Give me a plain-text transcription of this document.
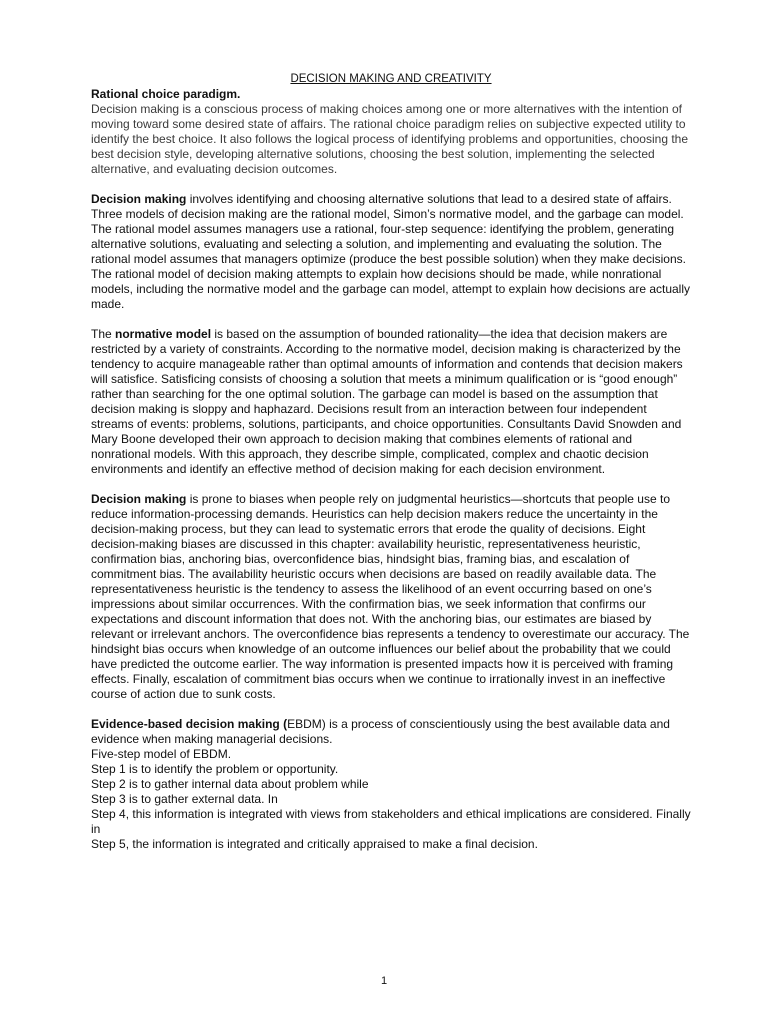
DECISION MAKING AND CREATIVITY
Rational choice paradigm.

Decision making is a conscious process of making choices among one or more alternatives with the intention of moving toward some desired state of affairs. The rational choice paradigm relies on subjective expected utility to identify the best choice. It also follows the logical process of identifying problems and opportunities, choosing the best decision style, developing alternative solutions, choosing the best solution, implementing the selected alternative, and evaluating decision outcomes.

Decision making involves identifying and choosing alternative solutions that lead to a desired state of affairs. Three models of decision making are the rational model, Simon’s normative model, and the garbage can model. The rational model assumes managers use a rational, four-step sequence: identifying the problem, generating alternative solutions, evaluating and selecting a solution, and implementing and evaluating the solution. The rational model assumes that managers optimize (produce the best possible solution) when they make decisions. The rational model of decision making attempts to explain how decisions should be made, while nonrational models, including the normative model and the garbage can model, attempt to explain how decisions are actually made.

The normative model is based on the assumption of bounded rationality—the idea that decision makers are restricted by a variety of constraints. According to the normative model, decision making is characterized by the tendency to acquire manageable rather than optimal amounts of information and contends that decision makers will satisfice. Satisficing consists of choosing a solution that meets a minimum qualification or is “good enough” rather than searching for the one optimal solution. The garbage can model is based on the assumption that decision making is sloppy and haphazard. Decisions result from an interaction between four independent streams of events: problems, solutions, participants, and choice opportunities. Consultants David Snowden and Mary Boone developed their own approach to decision making that combines elements of rational and nonrational models. With this approach, they describe simple, complicated, complex and chaotic decision environments and identify an effective method of decision making for each decision environment.

Decision making is prone to biases when people rely on judgmental heuristics—shortcuts that people use to reduce information-processing demands. Heuristics can help decision makers reduce the uncertainty in the decision-making process, but they can lead to systematic errors that erode the quality of decisions. Eight decision-making biases are discussed in this chapter: availability heuristic, representativeness heuristic, confirmation bias, anchoring bias, overconfidence bias, hindsight bias, framing bias, and escalation of commitment bias. The availability heuristic occurs when decisions are based on readily available data. The representativeness heuristic is the tendency to assess the likelihood of an event occurring based on one’s impressions about similar occurrences. With the confirmation bias, we seek information that confirms our expectations and discount information that does not. With the anchoring bias, our estimates are biased by relevant or irrelevant anchors. The overconfidence bias represents a tendency to overestimate our accuracy. The hindsight bias occurs when knowledge of an outcome influences our belief about the probability that we could have predicted the outcome earlier. The way information is presented impacts how it is perceived with framing effects. Finally, escalation of commitment bias occurs when we continue to irrationally invest in an ineffective course of action due to sunk costs.

Evidence-based decision making (EBDM) is a process of conscientiously using the best available data and evidence when making managerial decisions.

Five-step model of EBDM.

Step 1 is to identify the problem or opportunity.

Step 2 is to gather internal data about problem while

Step 3 is to gather external data. In

Step 4, this information is integrated with views from stakeholders and ethical implications are considered. Finally in

Step 5, the information is integrated and critically appraised to make a final decision.

1
